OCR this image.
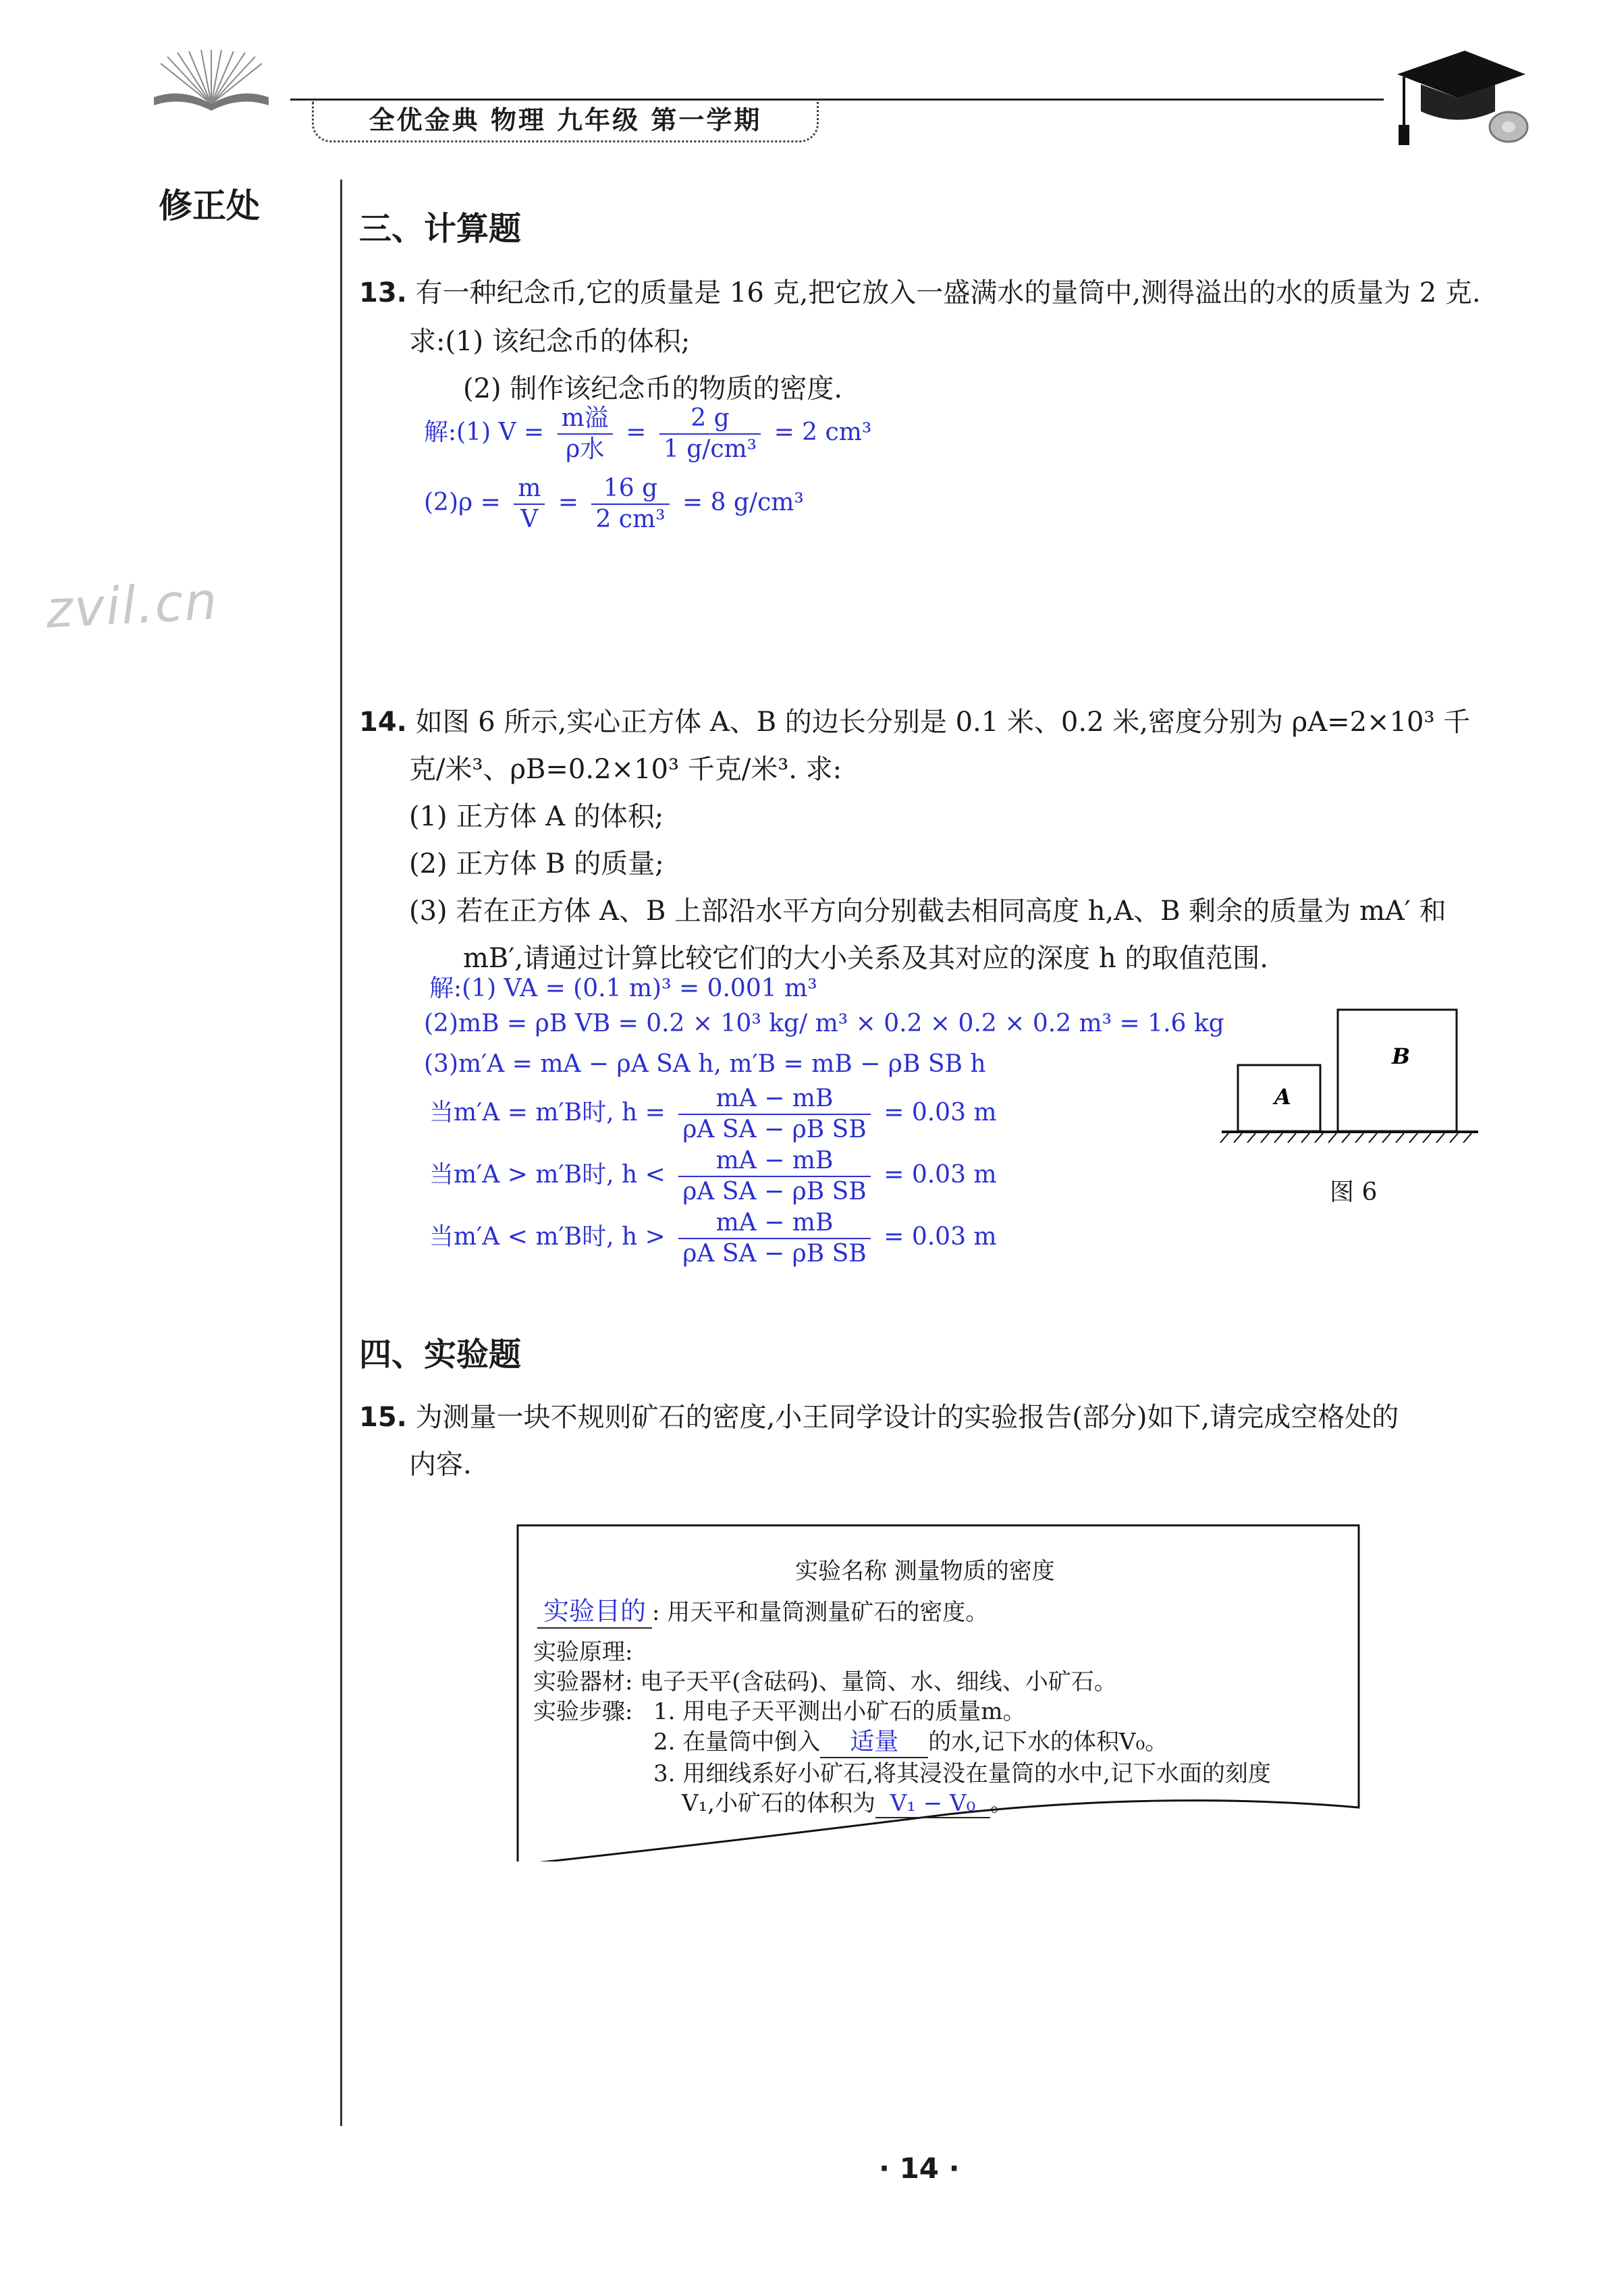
全优金典 物理 九年级 第一学期
修正处
zvil.cn
三、计算题
13. 有一种纪念币,它的质量是 16 克,把它放入一盛满水的量筒中,测得溢出的水的质量为 2 克.
求:(1) 该纪念币的体积;
(2) 制作该纪念币的物质的密度.
解:(1) $V = \frac{\text{m溢}}{\text{ρ水}} = \frac{2 g}{\text{1 g/cm³}} = 2$ cm³
$(2)\rho = \frac{m}{V} = \frac{16 g}{\text{2 cm³}} = 8$ g/cm³
14. 如图 6 所示,实心正方体 A、B 的边长分别是 0.1 米、0.2 米,密度分别为 ρA=2×10³ 千
克/米³、ρB=0.2×10³ 千克/米³. 求:
(1) 正方体 A 的体积;
(2) 正方体 B 的质量;
(3) 若在正方体 A、B 上部沿水平方向分别截去相同高度 h,A、B 剩余的质量为 mA′ 和
mB′,请通过计算比较它们的大小关系及其对应的深度 h 的取值范围.
解:(1) VA = (0.1 m)³ = 0.001 m³
(2)mB = ρB VB = 0.2 × 10³ kg/ m³ × 0.2 × 0.2 × 0.2 m³ = 1.6 kg
(3)m′A = mA − ρA SA h, m′B = mB − ρB SB h
当m′A = m′B时, $h = \frac{mA - mB}{\text{ρA SA − ρB SB}} = 0.03$ m
当m′A > m′B时, $h < \frac{mA - mB}{\text{ρA SA − ρB SB}} = 0.03$ m
当m′A < m′B时, $h > \frac{mA - mB}{\text{ρA SA − ρB SB}} = 0.03$ m
A
B
图 6
四、实验题
15. 为测量一块不规则矿石的密度,小王同学设计的实验报告(部分)如下,请完成空格处的
内容.
实验名称 测量物质的密度
实验目的 : 用天平和量筒测量矿石的密度。
实验原理:
实验器材: 电子天平(含砝码)、量筒、水、细线、小矿石。
实验步骤: 1. 用电子天平测出小矿石的质量m。
2. 在量筒中倒入 适量 的水,记下水的体积V₀。
3. 用细线系好小矿石,将其浸没在量筒的水中,记下水面的刻度
V₁,小矿石的体积为 V₁ − V₀ 。
· 14 ·
